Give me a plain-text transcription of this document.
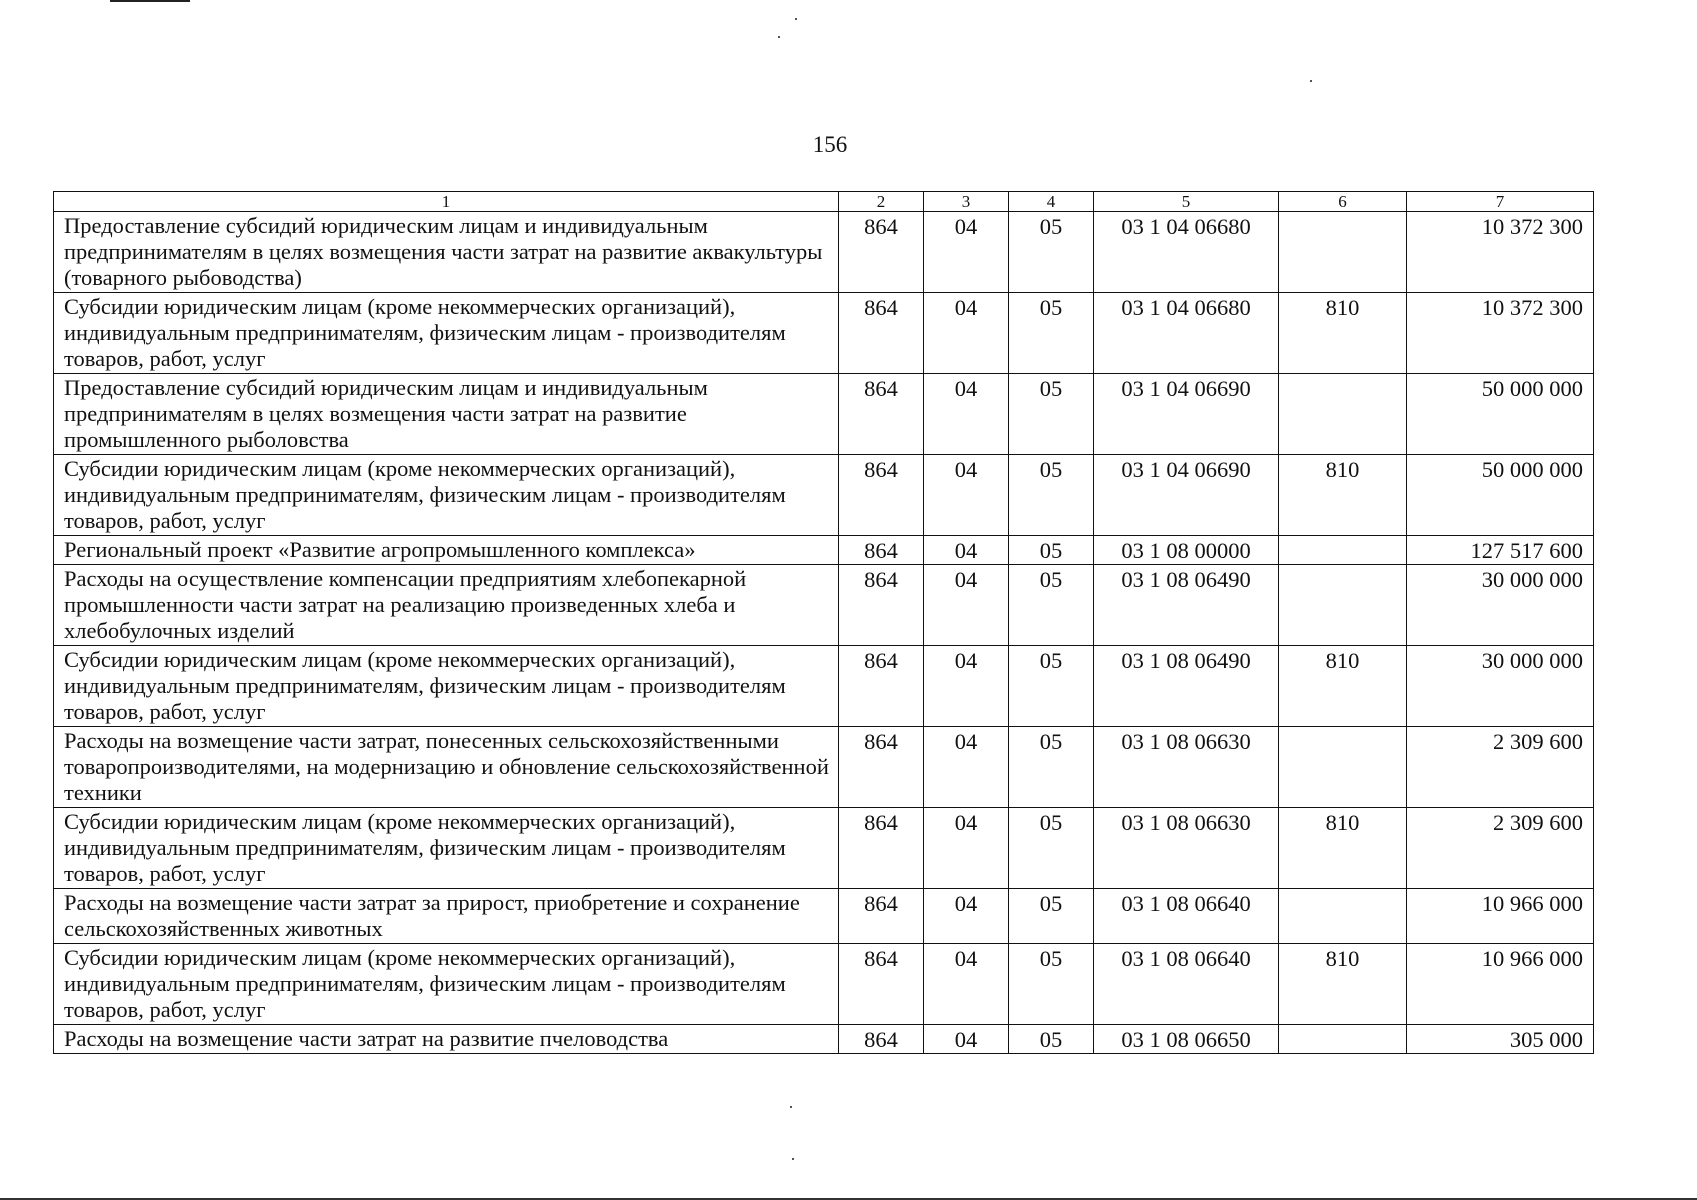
156
1	2	3	4	5	6	7
Предоставление субсидий юридическим лицам и индивидуальным предпринимателям в целях возмещения части затрат на развитие аквакультуры (товарного рыбоводства)	864	04	05	03 1 04 06680		10 372 300
Субсидии юридическим лицам (кроме некоммерческих организаций), индивидуальным предпринимателям, физическим лицам - производителям товаров, работ, услуг	864	04	05	03 1 04 06680	810	10 372 300
Предоставление субсидий юридическим лицам и индивидуальным предпринимателям в целях возмещения части затрат на развитие промышленного рыболовства	864	04	05	03 1 04 06690		50 000 000
Субсидии юридическим лицам (кроме некоммерческих организаций), индивидуальным предпринимателям, физическим лицам - производителям товаров, работ, услуг	864	04	05	03 1 04 06690	810	50 000 000
Региональный проект «Развитие агропромышленного комплекса»	864	04	05	03 1 08 00000		127 517 600
Расходы на осуществление компенсации предприятиям хлебопекарной промышленности части затрат на реализацию произведенных хлеба и хлебобулочных изделий	864	04	05	03 1 08 06490		30 000 000
Субсидии юридическим лицам (кроме некоммерческих организаций), индивидуальным предпринимателям, физическим лицам - производителям товаров, работ, услуг	864	04	05	03 1 08 06490	810	30 000 000
Расходы на возмещение части затрат, понесенных сельскохозяйственными товаропроизводителями, на модернизацию и обновление сельскохозяйственной техники	864	04	05	03 1 08 06630		2 309 600
Субсидии юридическим лицам (кроме некоммерческих организаций), индивидуальным предпринимателям, физическим лицам - производителям товаров, работ, услуг	864	04	05	03 1 08 06630	810	2 309 600
Расходы на возмещение части затрат за прирост, приобретение и сохранение сельскохозяйственных животных	864	04	05	03 1 08 06640		10 966 000
Субсидии юридическим лицам (кроме некоммерческих организаций), индивидуальным предпринимателям, физическим лицам - производителям товаров, работ, услуг	864	04	05	03 1 08 06640	810	10 966 000
Расходы на возмещение части затрат на развитие пчеловодства	864	04	05	03 1 08 06650		305 000
